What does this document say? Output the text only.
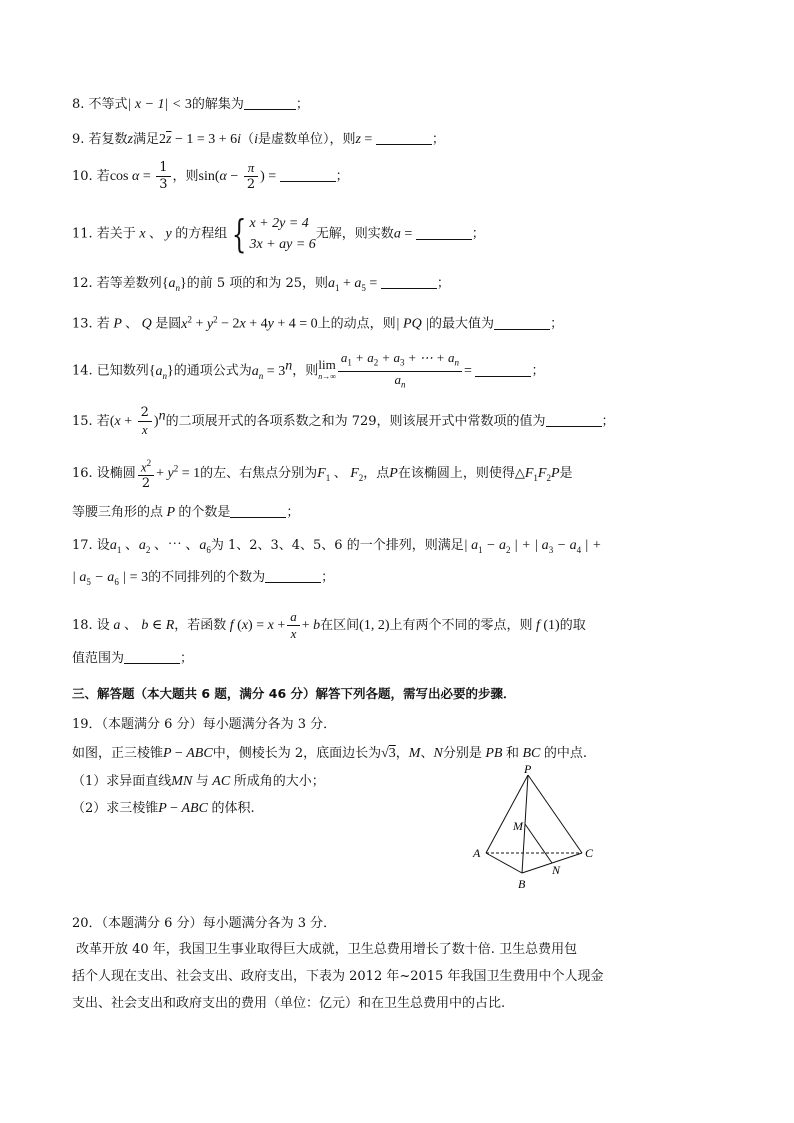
8. 不等式| x − 1| < 3的解集为	；
9. 若复数z满足$2\overline{z} - 1 = 3 + 6i(i$是虚数单位），则z =	；
10. 若$\cos \alpha = \frac{1}{3}$ ，则$\sin(\alpha - \frac{\pi}{2}$ ) =	；
11. 若关于 x 、 y 的方程组 { x + 2y = 4
3x + ay = 6
无解，则实数a =	；
12. 若等差数列$\{a_n\}$的前 5 项的和为 25，则$a_1 + a_5$ =	；
13. 若 P 、 Q 是圆$x^2 + y^2 - 2x + 4y + 4 = 0$上的动点，则| PQ |的最大值为	；
14. 已知数列$\{a_n\}$的通项公式为$a_n = 3^n$，则 lim
$n\to\infty \frac{a_1 + a_2 + a_3 + \cdots + a_n}{a_n}$ =	；
15. 若$(x + \frac{2}{x} )^n$的二项展开式的各项系数之和为 729，则该展开式中常数项的值为	；
16. 设椭圆 $\frac{x^2}{2} + y^2 = 1$的左、右焦点分别为$F_1$ 、 $F_2$，点P在该椭圆上，则使得$\triangle F_1F_2P$是
等腰三角形的点 P 的个数是	；
17. 设$a_1$ 、$a_2$ 、⋯ 、$a_6$为 1、2、3、4、5、6 的一个排列，则满足| $a_1 - a_2$ | + | $a_3 - a_4$ | +
| $a_5 - a_6$ | = 3的不同排列的个数为	；
18. 设 a 、 b ∈ R，若函数 f $(x) = x + \frac{a}{x} + b$在区间(1, 2)上有两个不同的零点，则 f (1)的取
值范围为	；
三、解答题（本大题共 6 题，满分 46 分）解答下列各题，需写出必要的步骤．
19．（本题满分 6 分）每小题满分各为 3 分．
如图，正三棱锥P − ABC中，侧棱长为 2，底面边长为√3，M、N分别是 PB 和 BC 的中点.
（1）求异面直线MN 与 AC 所成角的大小；
（2）求三棱锥P − ABC 的体积.
P
M
A	C
B
N
20．（本题满分 6 分）每小题满分各为 3 分．
改革开放 40 年，我国卫生事业取得巨大成就，卫生总费用增长了数十倍. 卫生总费用包
括个人现在支出、社会支出、政府支出，下表为 2012 年~2015 年我国卫生费用中个人现金
支出、社会支出和政府支出的费用（单位：亿元）和在卫生总费用中的占比.
